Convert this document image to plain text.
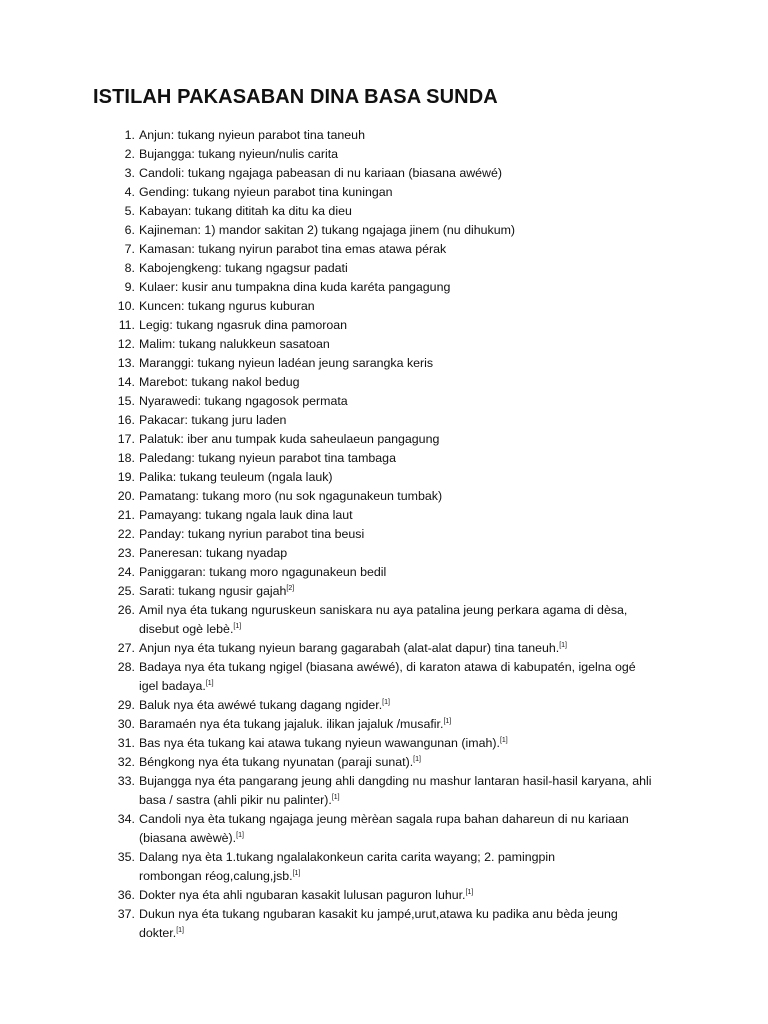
ISTILAH PAKASABAN DINA BASA SUNDA
1. Anjun: tukang nyieun parabot tina taneuh
2. Bujangga: tukang nyieun/nulis carita
3. Candoli: tukang ngajaga pabeasan di nu kariaan (biasana awéwé)
4. Gending: tukang nyieun parabot tina kuningan
5. Kabayan: tukang dititah ka ditu ka dieu
6. Kajineman: 1) mandor sakitan 2) tukang ngajaga jinem (nu dihukum)
7. Kamasan: tukang nyirun parabot tina emas atawa pérak
8. Kabojengkeng: tukang ngagsur padati
9. Kulaer: kusir anu tumpakna dina kuda karéta pangagung
10. Kuncen: tukang ngurus kuburan
11. Legig: tukang ngasruk dina pamoroan
12. Malim: tukang nalukkeun sasatoan
13. Maranggi: tukang nyieun ladéan jeung sarangka keris
14. Marebot: tukang nakol bedug
15. Nyarawedi: tukang ngagosok permata
16. Pakacar: tukang juru laden
17. Palatuk: iber anu tumpak kuda saheulaeun pangagung
18. Paledang: tukang nyieun parabot tina tambaga
19. Palika: tukang teuleum (ngala lauk)
20. Pamatang: tukang moro (nu sok ngagunakeun tumbak)
21. Pamayang: tukang ngala lauk dina laut
22. Panday: tukang nyriun parabot tina beusi
23. Paneresan: tukang nyadap
24. Paniggaran: tukang moro ngagunakeun bedil
25. Sarati: tukang ngusir gajah[2]
26. Amil nya éta tukang nguruskeun saniskara nu aya patalina jeung perkara agama di dèsa,
disebut ogè lebè.[1]
27. Anjun nya éta tukang nyieun barang gagarabah (alat-alat dapur) tina taneuh.[1]
28. Badaya nya éta tukang ngigel (biasana awéwé), di karaton atawa di kabupatén, igelna ogé
igel badaya.[1]
29. Baluk nya éta awéwé tukang dagang ngider.[1]
30. Baramaén nya éta tukang jajaluk. ilikan jajaluk /musafir.[1]
31. Bas nya éta tukang kai atawa tukang nyieun wawangunan (imah).[1]
32. Béngkong nya éta tukang nyunatan (paraji sunat).[1]
33. Bujangga nya éta pangarang jeung ahli dangding nu mashur lantaran hasil-hasil karyana, ahli
basa / sastra (ahli pikir nu palinter).[1]
34. Candoli nya èta tukang ngajaga jeung mèrèan sagala rupa bahan dahareun di nu kariaan
(biasana awèwè).[1]
35. Dalang nya èta 1.tukang ngalalakonkeun carita carita wayang; 2. pamingpin
rombongan réog,calung,jsb.[1]
36. Dokter nya éta ahli ngubaran kasakit lulusan paguron luhur.[1]
37. Dukun nya éta tukang ngubaran kasakit ku jampé,urut,atawa ku padika anu bèda jeung
dokter.[1]
